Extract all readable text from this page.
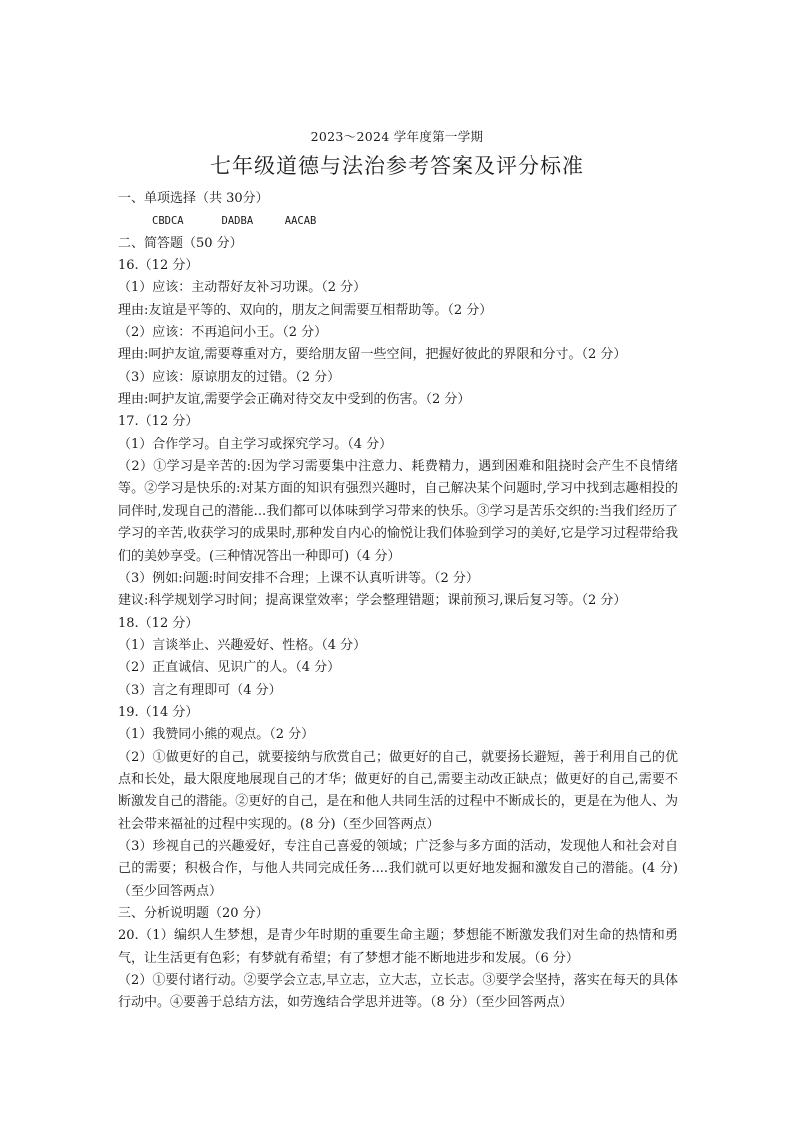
2023～2024 学年度第一学期
七年级道德与法治参考答案及评分标准
一、单项选择（共 30分）
CBDCA      DADBA     AACAB
二、简答题（50 分）
16.（12 分）
（1）应该：主动帮好友补习功课。（2 分）
理由:友谊是平等的、双向的，朋友之间需要互相帮助等。（2 分）
（2）应该：不再追问小王。（2 分）
理由:呵护友谊,需要尊重对方，要给朋友留一些空间，把握好彼此的界限和分寸。（2 分）
（3）应该：原谅朋友的过错。（2 分）
理由:呵护友谊,需要学会正确对待交友中受到的伤害。（2 分）
17.（12 分）
（1）合作学习。自主学习或探究学习。（4 分）
（2）①学习是辛苦的:因为学习需要集中注意力、耗费精力，遇到困难和阻挠时会产生不良情绪等。②学习是快乐的:对某方面的知识有强烈兴趣时，自己解决某个问题时,学习中找到志趣相投的同伴时,发现自己的潜能...我们都可以体味到学习带来的快乐。③学习是苦乐交织的:当我们经历了学习的辛苦,收获学习的成果时,那种发自内心的愉悦让我们体验到学习的美好,它是学习过程带给我们的美妙享受。(三种情况答出一种即可)（4 分）
（3）例如:问题:时间安排不合理；上课不认真听讲等。（2 分）
建议:科学规划学习时间；提高课堂效率；学会整理错题；课前预习,课后复习等。（2 分）
18.（12 分）
（1）言谈举止、兴趣爱好、性格。（4 分）
（2）正直诚信、见识广的人。（4 分）
（3）言之有理即可（4 分）
19.（14 分）
（1）我赞同小熊的观点。（2 分）
（2）①做更好的自己，就要接纳与欣赏自己；做更好的自己，就要扬长避短，善于利用自己的优点和长处，最大限度地展现自己的才华；做更好的自己,需要主动改正缺点；做更好的自己,需要不断激发自己的潜能。②更好的自己，是在和他人共同生活的过程中不断成长的，更是在为他人、为社会带来福祉的过程中实现的。(8 分)（至少回答两点）
（3）珍视自己的兴趣爱好，专注自己喜爱的领域；广泛参与多方面的活动，发现他人和社会对自己的需要；积极合作，与他人共同完成任务....我们就可以更好地发掘和激发自己的潜能。(4 分)（至少回答两点）
三、分析说明题（20 分）
20.（1）编织人生梦想，是青少年时期的重要生命主题；梦想能不断激发我们对生命的热情和勇气，让生活更有色彩；有梦就有希望；有了梦想才能不断地进步和发展。（6 分）
（2）①要付诸行动。②要学会立志,早立志，立大志，立长志。③要学会坚持，落实在每天的具体行动中。④要善于总结方法，如劳逸结合学思并进等。（8 分）（至少回答两点）
